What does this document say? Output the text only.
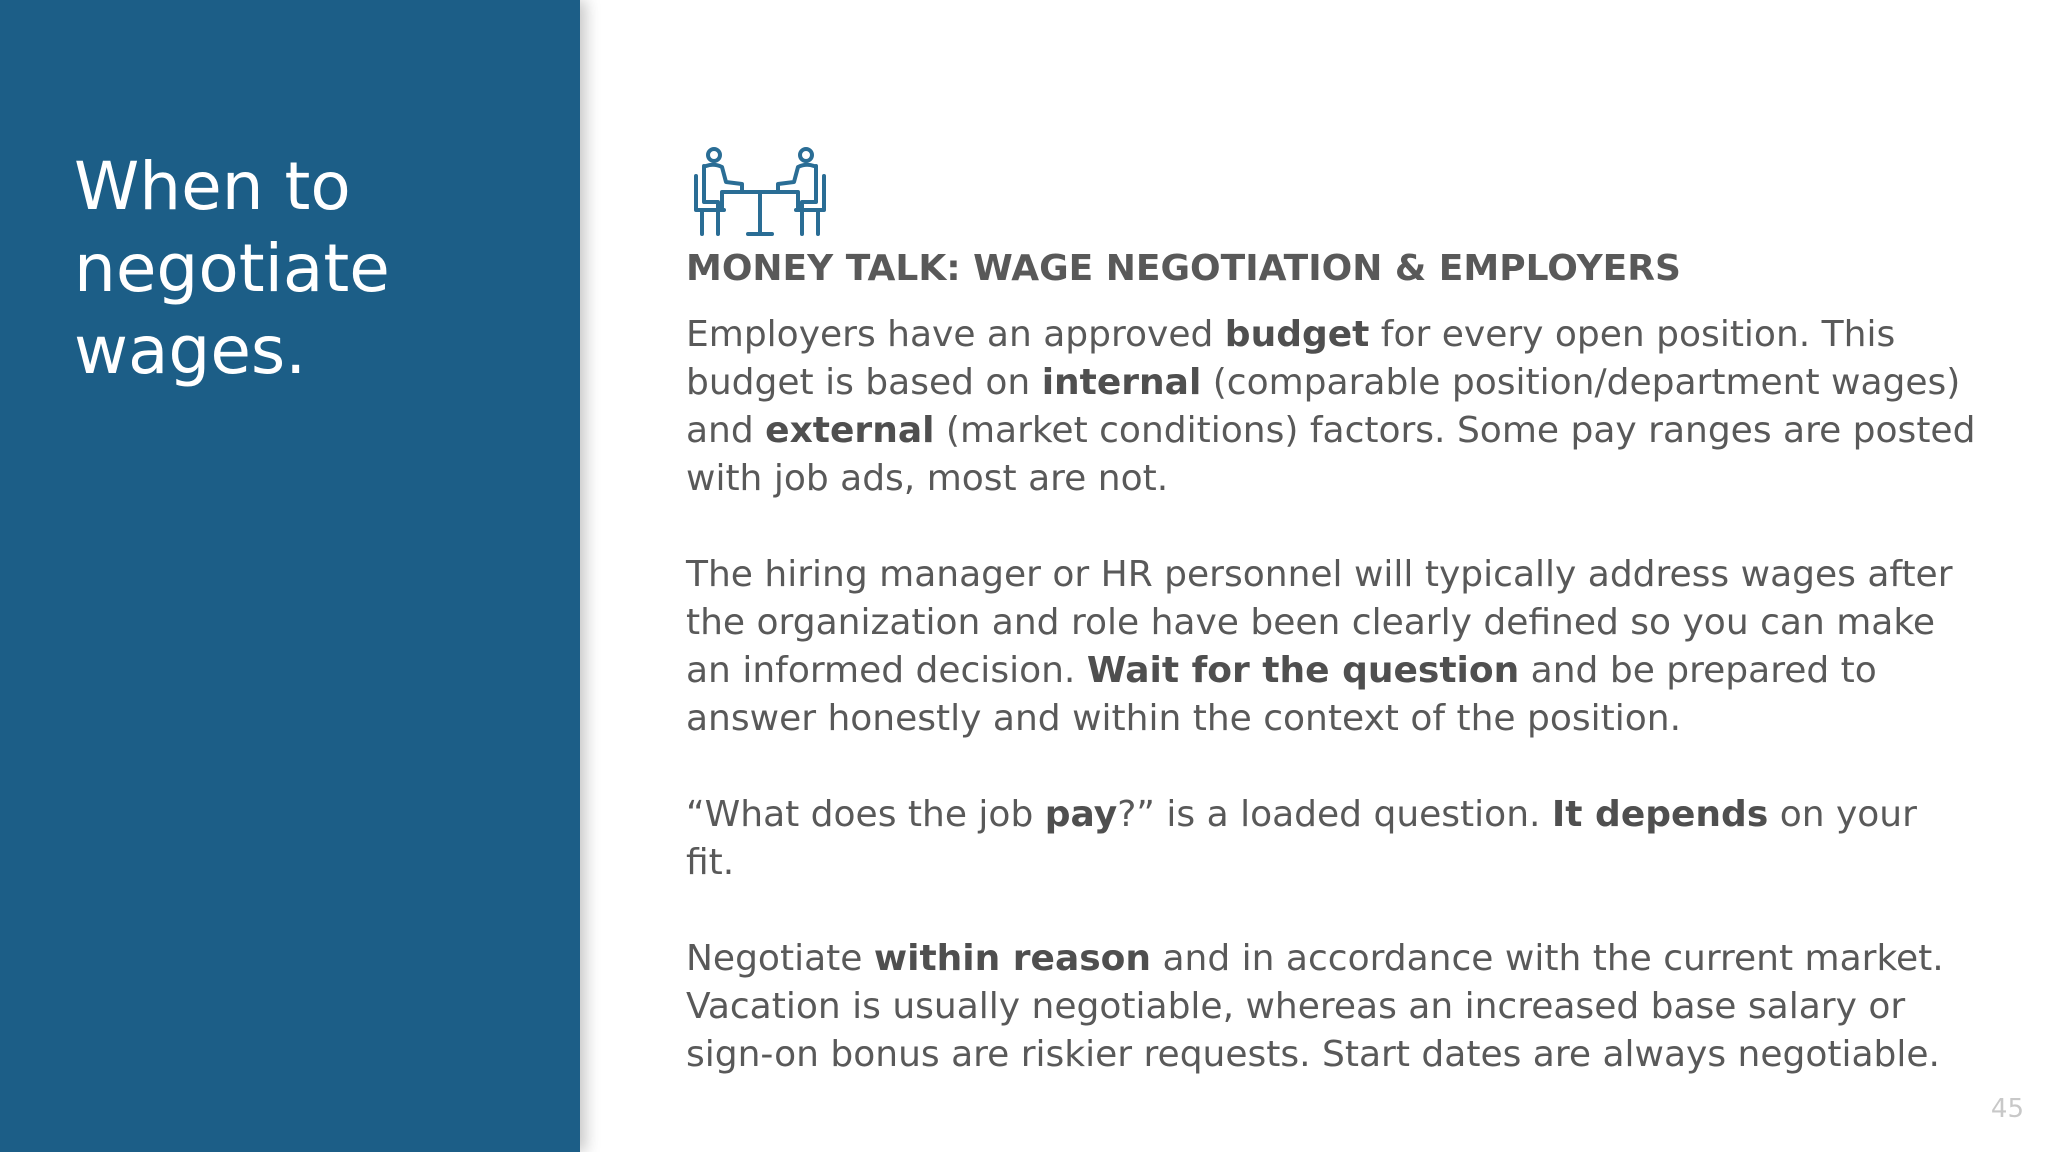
When to
negotiate
wages.
MONEY TALK: WAGE NEGOTIATION & EMPLOYERS

Employers have an approved budget for every open position. This budget is based on internal (comparable position/department wages) and external (market conditions) factors. Some pay ranges are posted with job ads, most are not.

The hiring manager or HR personnel will typically address wages after the organization and role have been clearly defined so you can make an informed decision. Wait for the question and be prepared to answer honestly and within the context of the position.

“What does the job pay?” is a loaded question. It depends on your fit.

Negotiate within reason and in accordance with the current market. Vacation is usually negotiable, whereas an increased base salary or sign-on bonus are riskier requests. Start dates are always negotiable.

45
